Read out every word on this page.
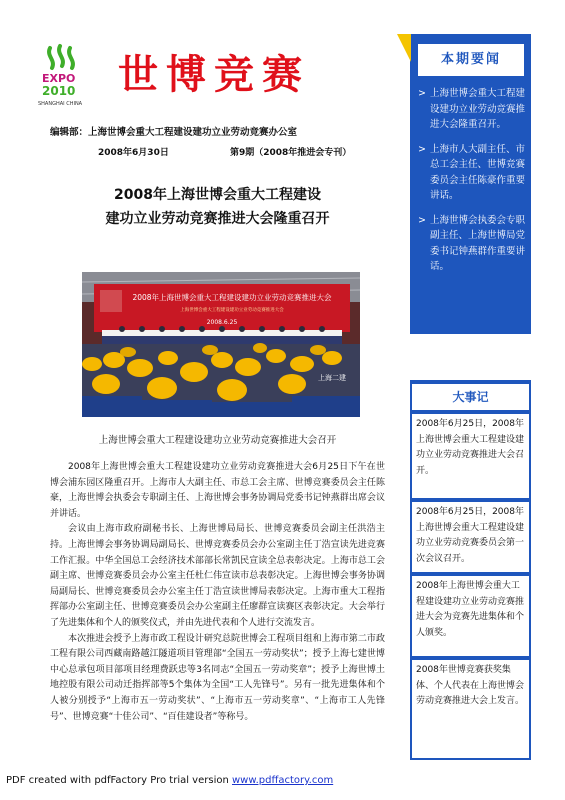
EXPO
2010
SHANGHAI CHINA
世博竞赛
编辑部：上海世博会重大工程建设建功立业劳动竞赛办公室
2008年6月30日	第9期（2008年推进会专刊）
2008年上海世博会重大工程建设
建功立业劳动竞赛推进大会隆重召开
2008年上海世博会重大工程建设建功立业劳动竞赛推进大会
上海世博会重大工程建设建功立业劳动竞赛推进大会
2008.6.25
上海二建
上海世博会重大工程建设建功立业劳动竞赛推进大会召开

2008年上海世博会重大工程建设建功立业劳动竞赛推进大会6月25日下午在世博会浦东园区隆重召开。上海市人大副主任、市总工会主席、世博竞赛委员会主任陈豪，上海世博会执委会专职副主任、上海世博会事务协调局党委书记钟燕群出席会议并讲话。

会议由上海市政府副秘书长、上海世博局局长、世博竞赛委员会副主任洪浩主持。上海世博会事务协调局副局长、世博竞赛委员会办公室副主任丁浩宣读先进竞赛工作汇报。中华全国总工会经济技术部部长常凯民宣读全总表彰决定。上海市总工会副主席、世博竞赛委员会办公室主任杜仁伟宣读市总表彰决定。上海世博会事务协调局副局长、世博竞赛委员会办公室主任丁浩宣读世博局表彰决定。上海市重大工程指挥部办公室副主任、世博竞赛委员会办公室副主任廖群宣读赛区表彰决定。大会举行了先进集体和个人的颁奖仪式，并由先进代表和个人进行交流发言。

本次推进会授予上海市政工程设计研究总院世博会工程项目组和上海市第二市政工程有限公司西藏南路越江隧道项目管理部“全国五一劳动奖状”；授予上海七建世博中心总承包项目部项目经理费跃忠等3名同志“全国五一劳动奖章”；授予上海世博土地控股有限公司动迁指挥部等5个集体为全国“工人先锋号”。另有一批先进集体和个人被分别授予“上海市五一劳动奖状”、“上海市五一劳动奖章”、“上海市工人先锋号”、世博竞赛“十佳公司”、“百佳建设者”等称号。

本期要闻
> 上海世博会重大工程建设建功立业劳动竞赛推进大会隆重召开。
> 上海市人大副主任、市总工会主任、世博竞赛委员会主任陈豪作重要讲话。
> 上海世博会执委会专职副主任、上海世博局党委书记钟燕群作重要讲话。
大事记
2008年6月25日，2008年上海世博会重大工程建设建功立业劳动竞赛推进大会召开。
2008年6月25日，2008年上海世博会重大工程建设建功立业劳动竞赛委员会第一次会议召开。
2008年上海世博会重大工程建设建功立业劳动竞赛推进大会为竞赛先进集体和个人颁奖。
2008年世博竞赛获奖集体、个人代表在上海世博会劳动竞赛推进大会上发言。
PDF created with pdfFactory Pro trial version www.pdffactory.com
